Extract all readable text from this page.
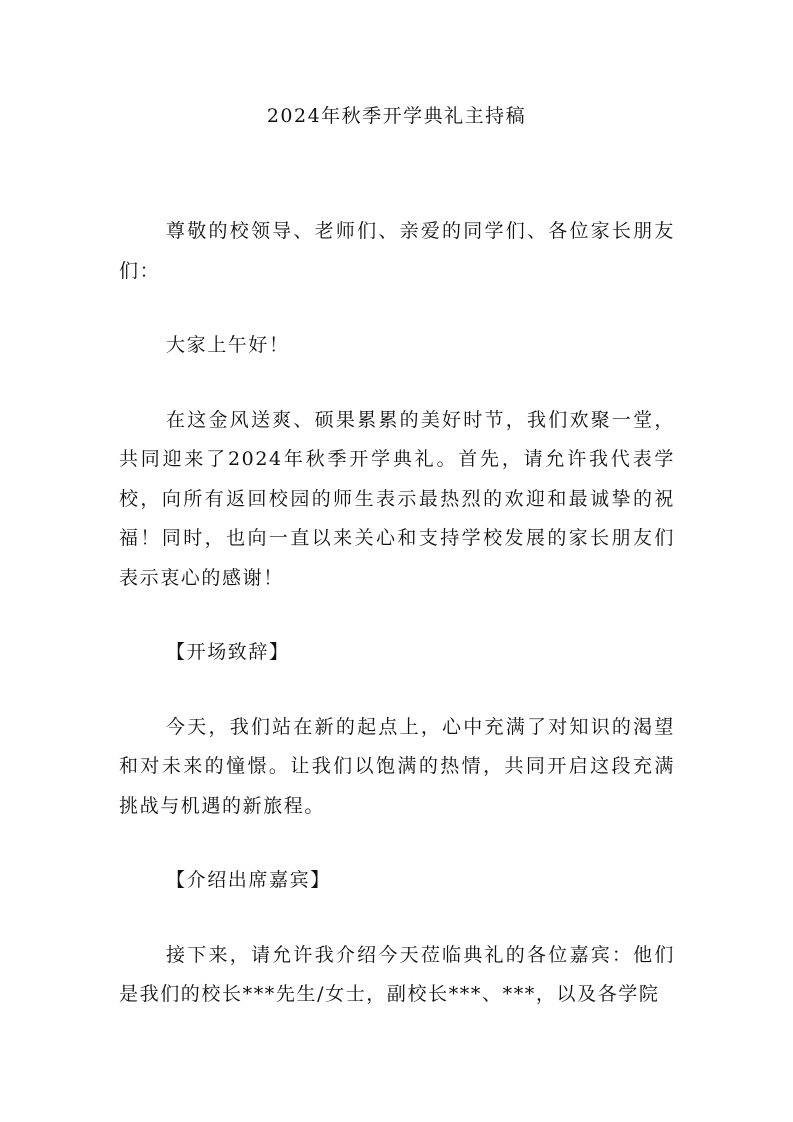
2024年秋季开学典礼主持稿

尊敬的校领导、老师们、亲爱的同学们、各位家长朋友们：

大家上午好！

在这金风送爽、硕果累累的美好时节，我们欢聚一堂，共同迎来了2024年秋季开学典礼。首先，请允许我代表学校，向所有返回校园的师生表示最热烈的欢迎和最诚挚的祝福！同时，也向一直以来关心和支持学校发展的家长朋友们表示衷心的感谢！

【开场致辞】

今天，我们站在新的起点上，心中充满了对知识的渴望和对未来的憧憬。让我们以饱满的热情，共同开启这段充满挑战与机遇的新旅程。

【介绍出席嘉宾】

接下来，请允许我介绍今天莅临典礼的各位嘉宾：他们是我们的校长***先生/女士，副校长***、***，以及各学院
